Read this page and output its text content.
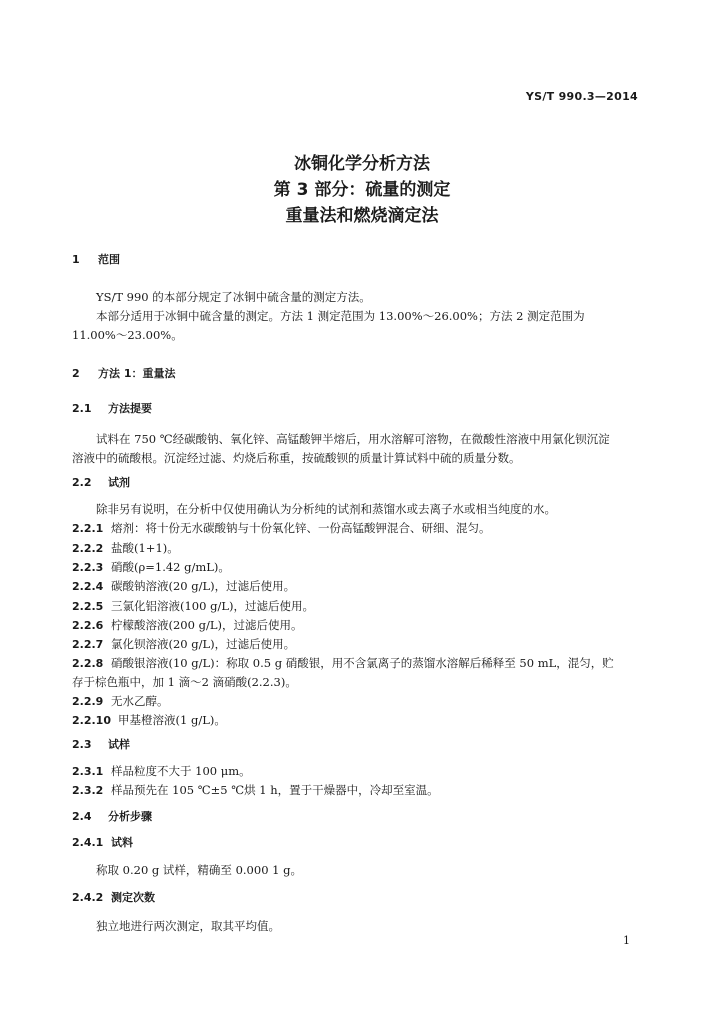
YS/T 990.3—2014
冰铜化学分析方法
第 3 部分：硫量的测定
重量法和燃烧滴定法
1 范围
YS/T 990 的本部分规定了冰铜中硫含量的测定方法。
本部分适用于冰铜中硫含量的测定。方法 1 测定范围为 13.00%～26.00%；方法 2 测定范围为
11.00%～23.00%。
2 方法 1：重量法
2.1 方法提要
试料在 750 ℃经碳酸钠、氧化锌、高锰酸钾半熔后，用水溶解可溶物，在微酸性溶液中用氯化钡沉淀
溶液中的硫酸根。沉淀经过滤、灼烧后称重，按硫酸钡的质量计算试料中硫的质量分数。
2.2 试剂
除非另有说明，在分析中仅使用确认为分析纯的试剂和蒸馏水或去离子水或相当纯度的水。
2.2.1 熔剂：将十份无水碳酸钠与十份氧化锌、一份高锰酸钾混合、研细、混匀。
2.2.2 盐酸(1+1)。
2.2.3 硝酸(ρ=1.42 g/mL)。
2.2.4 碳酸钠溶液(20 g/L)，过滤后使用。
2.2.5 三氯化铝溶液(100 g/L)，过滤后使用。
2.2.6 柠檬酸溶液(200 g/L)，过滤后使用。
2.2.7 氯化钡溶液(20 g/L)，过滤后使用。
2.2.8 硝酸银溶液(10 g/L)：称取 0.5 g 硝酸银，用不含氯离子的蒸馏水溶解后稀释至 50 mL，混匀，贮
存于棕色瓶中，加 1 滴～2 滴硝酸(2.2.3)。
2.2.9 无水乙醇。
2.2.10 甲基橙溶液(1 g/L)。
2.3 试样
2.3.1 样品粒度不大于 100 μm。
2.3.2 样品预先在 105 ℃±5 ℃烘 1 h，置于干燥器中，冷却至室温。
2.4 分析步骤
2.4.1 试料
称取 0.20 g 试样，精确至 0.000 1 g。
2.4.2 测定次数
独立地进行两次测定，取其平均值。
1
